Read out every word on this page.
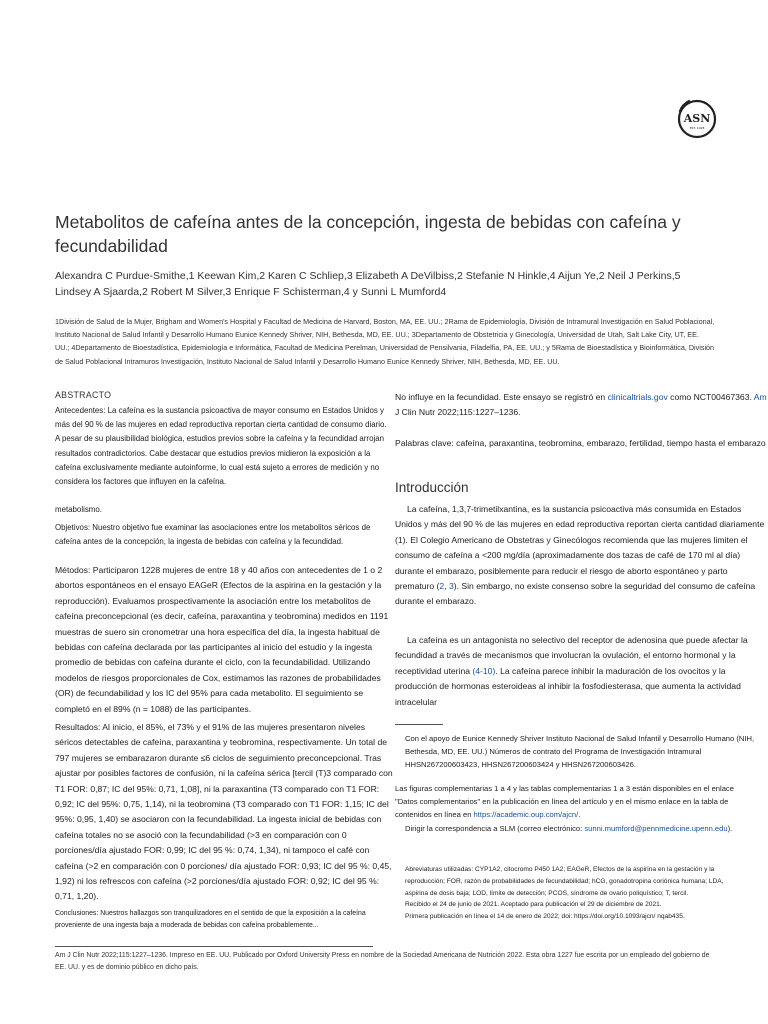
ASN
EST. 1928
Metabolitos de cafeína antes de la concepción, ingesta de bebidas con cafeína y fecundabilidad
Alexandra C Purdue-Smithe,1 Keewan Kim,2 Karen C Schliep,3 Elizabeth A DeVilbiss,2 Stefanie N Hinkle,4 Aijun Ye,2 Neil J Perkins,5 Lindsey A Sjaarda,2 Robert M Silver,3 Enrique F Schisterman,4 y Sunni L Mumford4
1División de Salud de la Mujer, Brigham and Women's Hospital y Facultad de Medicina de Harvard, Boston, MA, EE. UU.; 2Rama de Epidemiología, División de Intramural Investigación en Salud Poblacional, Instituto Nacional de Salud Infantil y Desarrollo Humano Eunice Kennedy Shriver, NIH, Bethesda, MD, EE. UU.; 3Departamento de Obstetricia y Ginecología, Universidad de Utah, Salt Lake City, UT, EE. UU.; 4Departamento de Bioestadística, Epidemiología e Informática, Facultad de Medicina Perelman, Universidad de Pensilvania, Filadelfia, PA, EE. UU.; y 5Rama de Bioestadística y Bioinformática, División de Salud Poblacional Intramuros Investigación, Instituto Nacional de Salud Infantil y Desarrollo Humano Eunice Kennedy Shriver, NIH, Bethesda, MD, EE. UU.
ABSTRACTO

Antecedentes: La cafeína es la sustancia psicoactiva de mayor consumo en Estados Unidos y más del 90 % de las mujeres en edad reproductiva reportan cierta cantidad de consumo diario. A pesar de su plausibilidad biológica, estudios previos sobre la cafeína y la fecundidad arrojan resultados contradictorios. Cabe destacar que estudios previos midieron la exposición a la cafeína exclusivamente mediante autoinforme, lo cual está sujeto a errores de medición y no considera los factores que influyen en la cafeína.

metabolismo.

Objetivos: Nuestro objetivo fue examinar las asociaciones entre los metabolitos séricos de cafeína antes de la concepción, la ingesta de bebidas con cafeína y la fecundidad.

Métodos: Participaron 1228 mujeres de entre 18 y 40 años con antecedentes de 1 o 2 abortos espontáneos en el ensayo EAGeR (Efectos de la aspirina en la gestación y la reproducción). Evaluamos prospectivamente la asociación entre los metabolitos de cafeína preconcepcional (es decir, cafeína, paraxantina y teobromina) medidos en 1191 muestras de suero sin cronometrar una hora específica del día, la ingesta habitual de bebidas con cafeína declarada por las participantes al inicio del estudio y la ingesta promedio de bebidas con cafeína durante el ciclo, con la fecundabilidad. Utilizando modelos de riesgos proporcionales de Cox, estimamos las razones de probabilidades (OR) de fecundabilidad y los IC del 95% para cada metabolito. El seguimiento se completó en el 89% (n = 1088) de las participantes.

Resultados: Al inicio, el 85%, el 73% y el 91% de las mujeres presentaron niveles séricos detectables de cafeína, paraxantina y teobromina, respectivamente. Un total de 797 mujeres se embarazaron durante ≤6 ciclos de seguimiento preconcepcional. Tras ajustar por posibles factores de confusión, ni la cafeína sérica [tercil (T)3 comparado con T1 FOR: 0,87; IC del 95%: 0,71, 1,08], ni la paraxantina (T3 comparado con T1 FOR: 0,92; IC del 95%: 0,75, 1,14), ni la teobromina (T3 comparado con T1 FOR: 1,15; IC del 95%: 0,95, 1,40) se asociaron con la fecundabilidad. La ingesta inicial de bebidas con cafeína totales no se asoció con la fecundabilidad (>3 en comparación con 0 porciones/día ajustado FOR: 0,99; IC del 95 %: 0,74, 1,34), ni tampoco el café con cafeína (>2 en comparación con 0 porciones/ día ajustado FOR: 0,93; IC del 95 %: 0,45, 1,92) ni los refrescos con cafeína (>2 porciones/día ajustado FOR: 0,92; IC del 95 %: 0,71, 1,20).

Conclusiones: Nuestros hallazgos son tranquilizadores en el sentido de que la exposición a la cafeína proveniente de una ingesta baja a moderada de bebidas con cafeína probablemente...

No influye en la fecundidad. Este ensayo se registró en clinicaltrials.gov como NCT00467363. Am J Clin Nutr 2022;115:1227–1236.

Palabras clave: cafeína, paraxantina, teobromina, embarazo, fertilidad, tiempo hasta el embarazo

Introducción

La cafeína, 1,3,7-trimetilxantina, es la sustancia psicoactiva más consumida en Estados Unidos y más del 90 % de las mujeres en edad reproductiva reportan cierta cantidad diariamente (1). El Colegio Americano de Obstetras y Ginecólogos recomienda que las mujeres limiten el consumo de cafeína a <200 mg/día (aproximadamente dos tazas de café de 170 ml al día) durante el embarazo, posiblemente para reducir el riesgo de aborto espontáneo y parto prematuro (2, 3). Sin embargo, no existe consenso sobre la seguridad del consumo de cafeína durante el embarazo.

La cafeína es un antagonista no selectivo del receptor de adenosina que puede afectar la fecundidad a través de mecanismos que involucran la ovulación, el entorno hormonal y la receptividad uterina (4-10). La cafeína parece inhibir la maduración de los ovocitos y la producción de hormonas esteroideas al inhibir la fosfodiesterasa, que aumenta la actividad intracelular

Con el apoyo de Eunice Kennedy Shriver Instituto Nacional de Salud Infantil y Desarrollo Humano (NIH, Bethesda, MD, EE. UU.) Números de contrato del Programa de Investigación Intramural HHSN267200603423, HHSN267200603424 y HHSN267200603426.

Las figuras complementarias 1 a 4 y las tablas complementarias 1 a 3 están disponibles en el enlace "Datos complementarios" en la publicación en línea del artículo y en el mismo enlace en la tabla de contenidos en línea en https://academic.oup.com/ajcn/.

Dirigir la correspondencia a SLM (correo electrónico: sunni.mumford@pennmedicine.upenn.edu).

Abreviaturas utilizadas: CYP1A2, citocromo P450 1A2; EAGeR, Efectos de la aspirina en la gestación y la reproducción; FOR, razón de probabilidades de fecundabilidad; hCG, gonadotropina coriónica humana; LDA, aspirina de dosis baja; LOD, límite de detección; PCOS, síndrome de ovario poliquístico; T, tercil.

Recibido el 24 de junio de 2021. Aceptado para publicación el 29 de diciembre de 2021.

Primera publicación en línea el 14 de enero de 2022; doi: https://doi.org/10.1093/ajcn/ nqab435.

Am J Clin Nutr 2022;115:1227–1236. Impreso en EE. UU. Publicado por Oxford University Press en nombre de la Sociedad Americana de Nutrición 2022. Esta obra 1227 fue escrita por un empleado del gobierno de EE. UU. y es de dominio público en dicho país.
